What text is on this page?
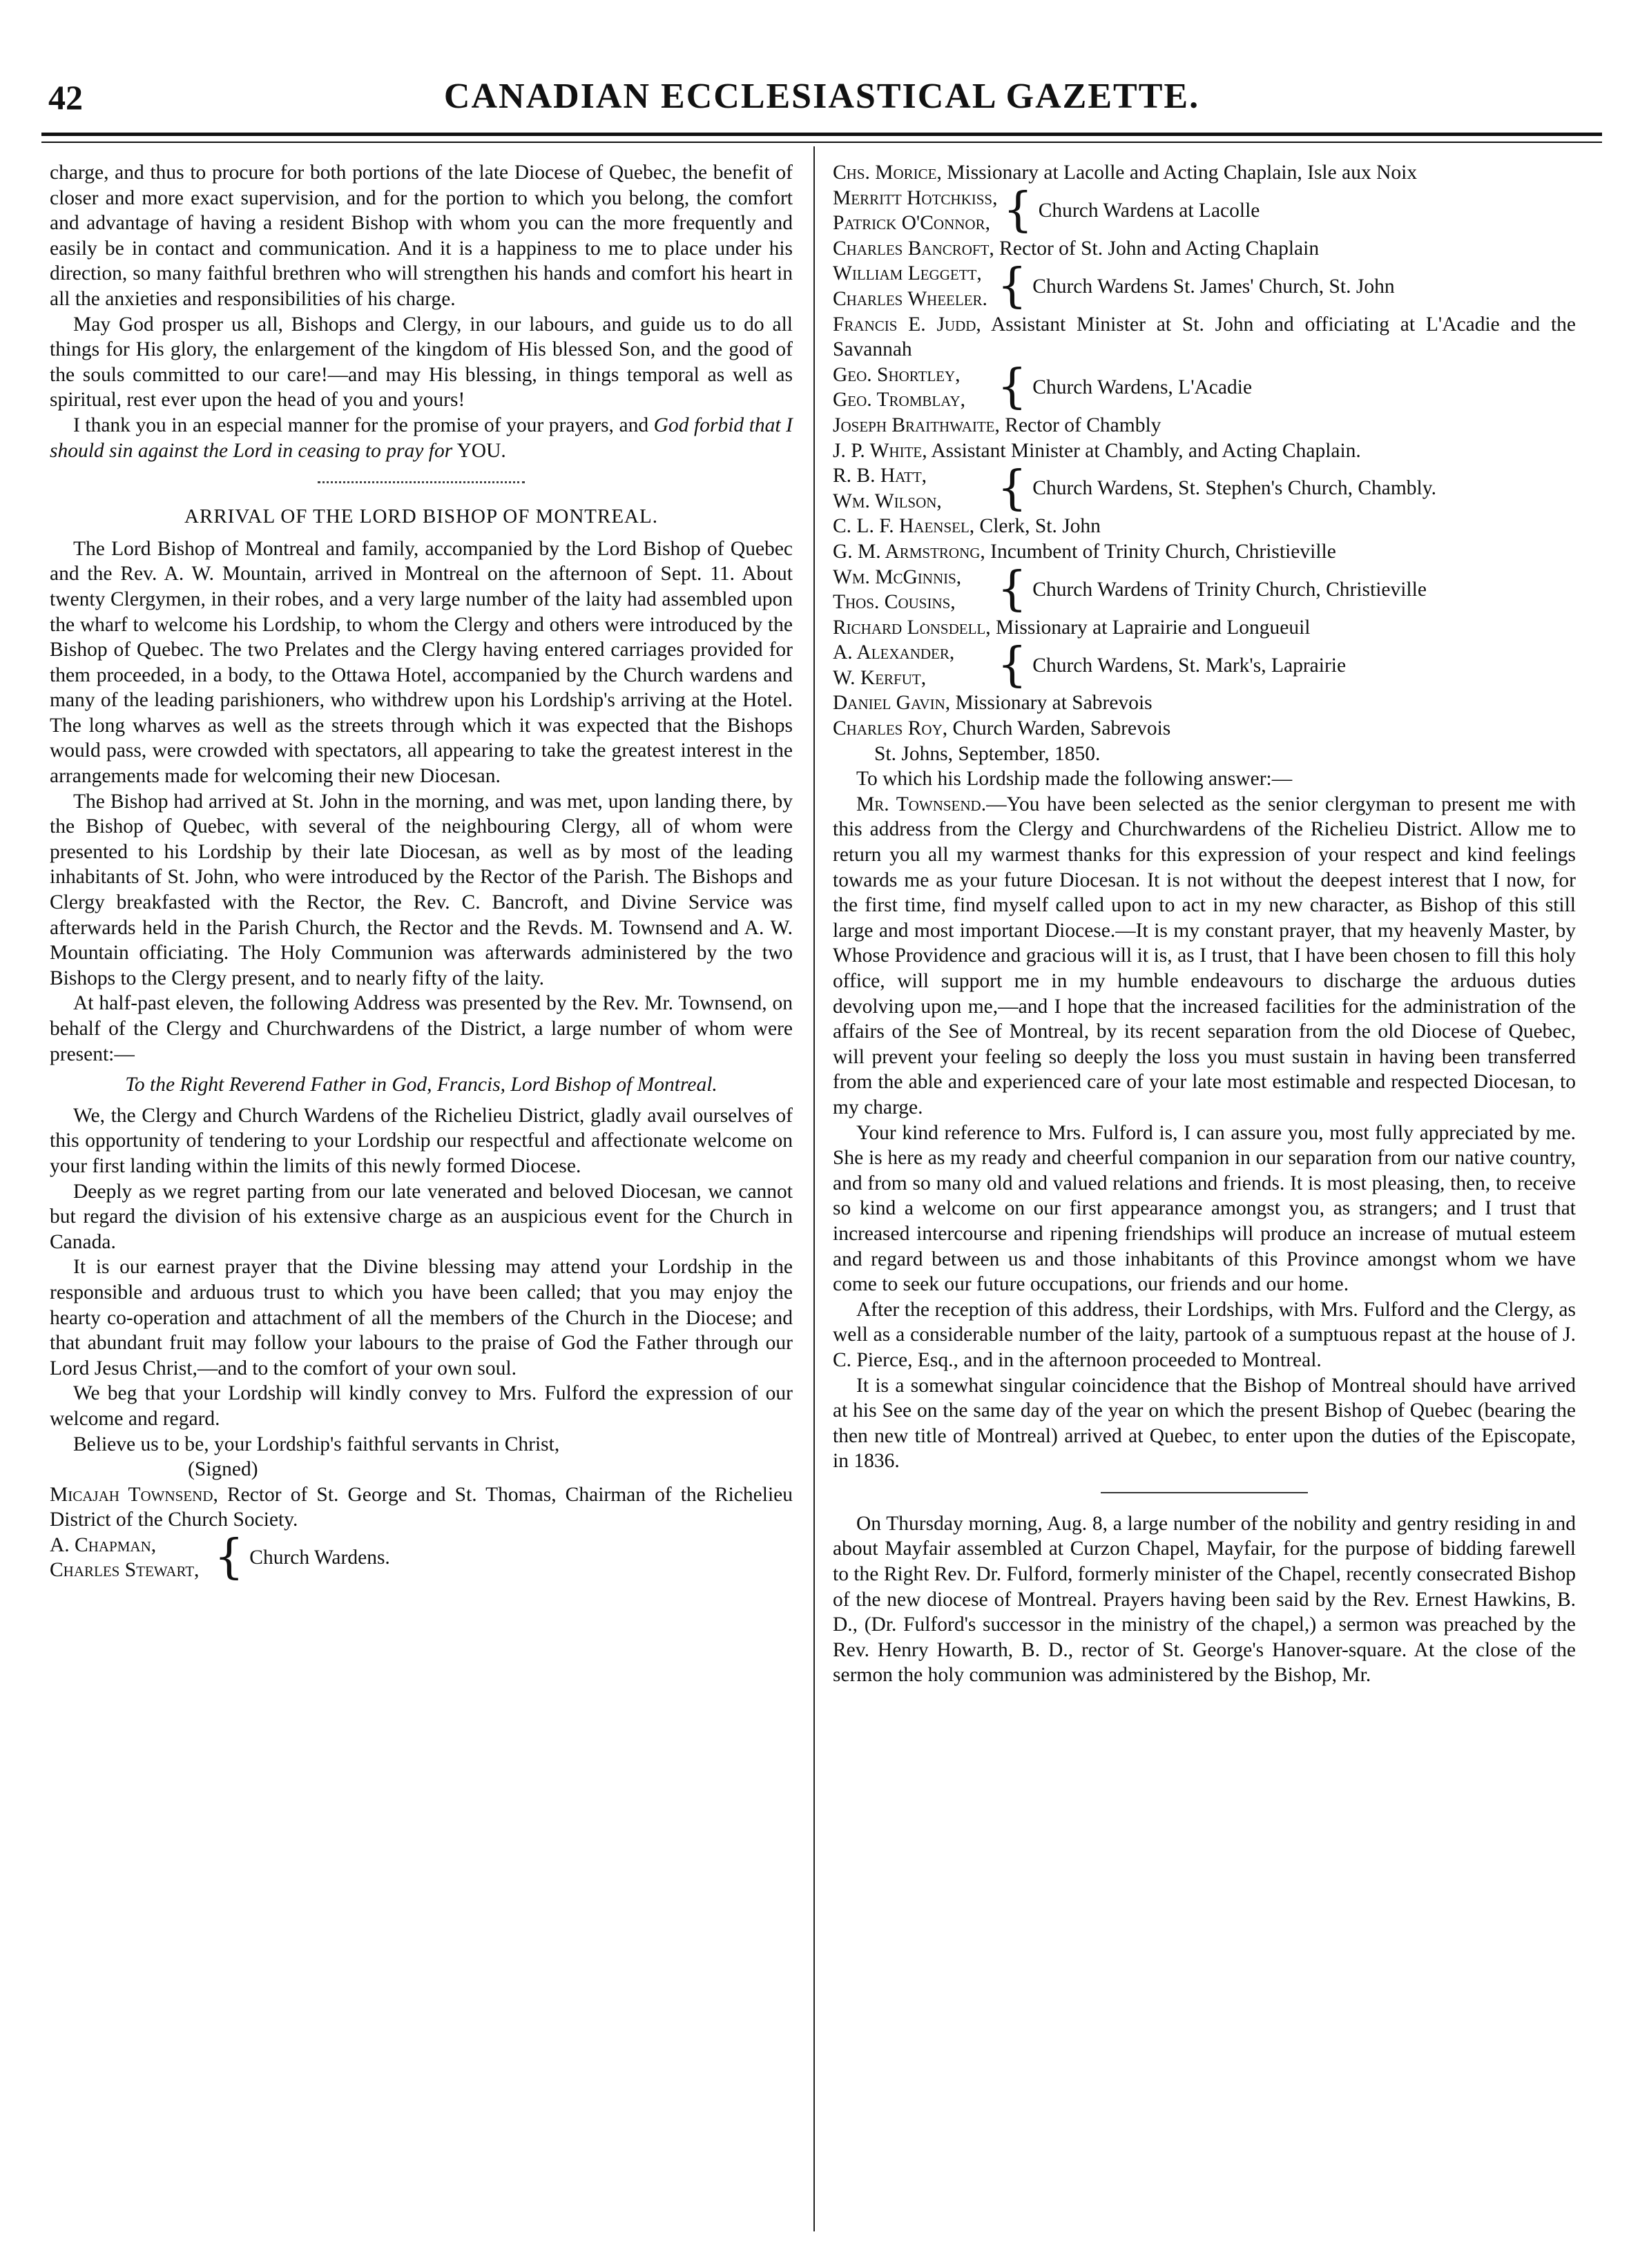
42	CANADIAN ECCLESIASTICAL GAZETTE.

charge, and thus to procure for both portions of the late Diocese of Quebec, the benefit of closer and more exact supervision, and for the portion to which you belong, the comfort and advantage of having a resident Bishop with whom you can the more frequently and easily be in contact and communication. And it is a happiness to me to place under his direction, so many faithful brethren who will strengthen his hands and comfort his heart in all the anxieties and responsibilities of his charge.

May God prosper us all, Bishops and Clergy, in our labours, and guide us to do all things for His glory, the enlargement of the kingdom of His blessed Son, and the good of the souls committed to our care!—and may His blessing, in things temporal as well as spiritual, rest ever upon the head of you and yours!

I thank you in an especial manner for the promise of your prayers, and God forbid that I should sin against the Lord in ceasing to pray for YOU.

ARRIVAL OF THE LORD BISHOP OF MONTREAL.

The Lord Bishop of Montreal and family, accompanied by the Lord Bishop of Quebec and the Rev. A. W. Mountain, arrived in Montreal on the afternoon of Sept. 11. About twenty Clergymen, in their robes, and a very large number of the laity had assembled upon the wharf to welcome his Lordship, to whom the Clergy and others were introduced by the Bishop of Quebec. The two Prelates and the Clergy having entered carriages provided for them proceeded, in a body, to the Ottawa Hotel, accompanied by the Church wardens and many of the leading parishioners, who withdrew upon his Lordship's arriving at the Hotel. The long wharves as well as the streets through which it was expected that the Bishops would pass, were crowded with spectators, all appearing to take the greatest interest in the arrangements made for welcoming their new Diocesan.

The Bishop had arrived at St. John in the morning, and was met, upon landing there, by the Bishop of Quebec, with several of the neighbouring Clergy, all of whom were presented to his Lordship by their late Diocesan, as well as by most of the leading inhabitants of St. John, who were introduced by the Rector of the Parish. The Bishops and Clergy breakfasted with the Rector, the Rev. C. Bancroft, and Divine Service was afterwards held in the Parish Church, the Rector and the Revds. M. Townsend and A. W. Mountain officiating. The Holy Communion was afterwards administered by the two Bishops to the Clergy present, and to nearly fifty of the laity.

At half-past eleven, the following Address was presented by the Rev. Mr. Townsend, on behalf of the Clergy and Churchwardens of the District, a large number of whom were present:—

To the Right Reverend Father in God, Francis, Lord Bishop of Montreal.

We, the Clergy and Church Wardens of the Richelieu District, gladly avail ourselves of this opportunity of tendering to your Lordship our respectful and affectionate welcome on your first landing within the limits of this newly formed Diocese.

Deeply as we regret parting from our late venerated and beloved Diocesan, we cannot but regard the division of his extensive charge as an auspicious event for the Church in Canada.

It is our earnest prayer that the Divine blessing may attend your Lordship in the responsible and arduous trust to which you have been called; that you may enjoy the hearty co-operation and attachment of all the members of the Church in the Diocese; and that abundant fruit may follow your labours to the praise of God the Father through our Lord Jesus Christ,—and to the comfort of your own soul.

We beg that your Lordship will kindly convey to Mrs. Fulford the expression of our welcome and regard.

Believe us to be, your Lordship's faithful servants in Christ,

(Signed)

Micajah Townsend, Rector of St. George and St. Thomas, Chairman of the Richelieu District of the Church Society.

A. Chapman,
Charles Stewart, { Church Wardens.

Chs. Morice, Missionary at Lacolle and Acting Chaplain, Isle aux Noix

Merritt Hotchkiss,
Patrick O'Connor, { Church Wardens at Lacolle

Charles Bancroft, Rector of St. John and Acting Chaplain

William Leggett,
Charles Wheeler. { Church Wardens St. James' Church, St. John

Francis E. Judd, Assistant Minister at St. John and officiating at L'Acadie and the Savannah

Geo. Shortley,
Geo. Tromblay, { Church Wardens, L'Acadie

Joseph Braithwaite, Rector of Chambly

J. P. White, Assistant Minister at Chambly, and Acting Chaplain.

R. B. Hatt,
Wm. Wilson,	{ Church Wardens, St. Stephen's Church, Chambly.

C. L. F. Haensel, Clerk, St. John

G. M. Armstrong, Incumbent of Trinity Church, Christieville

Wm. McGinnis,
Thos. Cousins, { Church Wardens of Trinity Church, Christieville

Richard Lonsdell, Missionary at Laprairie and Longueuil

A. Alexander,
W. Kerfut,	{ Church Wardens, St. Mark's, Laprairie

Daniel Gavin, Missionary at Sabrevois

Charles Roy, Church Warden, Sabrevois

St. Johns, September, 1850.

To which his Lordship made the following answer:—

Mr. Townsend.—You have been selected as the senior clergyman to present me with this address from the Clergy and Churchwardens of the Richelieu District. Allow me to return you all my warmest thanks for this expression of your respect and kind feelings towards me as your future Diocesan. It is not without the deepest interest that I now, for the first time, find myself called upon to act in my new character, as Bishop of this still large and most important Diocese.—It is my constant prayer, that my heavenly Master, by Whose Providence and gracious will it is, as I trust, that I have been chosen to fill this holy office, will support me in my humble endeavours to discharge the arduous duties devolving upon me,—and I hope that the increased facilities for the administration of the affairs of the See of Montreal, by its recent separation from the old Diocese of Quebec, will prevent your feeling so deeply the loss you must sustain in having been transferred from the able and experienced care of your late most estimable and respected Diocesan, to my charge.

Your kind reference to Mrs. Fulford is, I can assure you, most fully appreciated by me. She is here as my ready and cheerful companion in our separation from our native country, and from so many old and valued relations and friends. It is most pleasing, then, to receive so kind a welcome on our first appearance amongst you, as strangers; and I trust that increased intercourse and ripening friendships will produce an increase of mutual esteem and regard between us and those inhabitants of this Province amongst whom we have come to seek our future occupations, our friends and our home.

After the reception of this address, their Lordships, with Mrs. Fulford and the Clergy, as well as a considerable number of the laity, partook of a sumptuous repast at the house of J. C. Pierce, Esq., and in the afternoon proceeded to Montreal.

It is a somewhat singular coincidence that the Bishop of Montreal should have arrived at his See on the same day of the year on which the present Bishop of Quebec (bearing the then new title of Montreal) arrived at Quebec, to enter upon the duties of the Episcopate, in 1836.

On Thursday morning, Aug. 8, a large number of the nobility and gentry residing in and about Mayfair assembled at Curzon Chapel, Mayfair, for the purpose of bidding farewell to the Right Rev. Dr. Fulford, formerly minister of the Chapel, recently consecrated Bishop of the new diocese of Montreal. Prayers having been said by the Rev. Ernest Hawkins, B. D., (Dr. Fulford's successor in the ministry of the chapel,) a sermon was preached by the Rev. Henry Howarth, B. D., rector of St. George's Hanover-square. At the close of the sermon the holy communion was administered by the Bishop, Mr.
